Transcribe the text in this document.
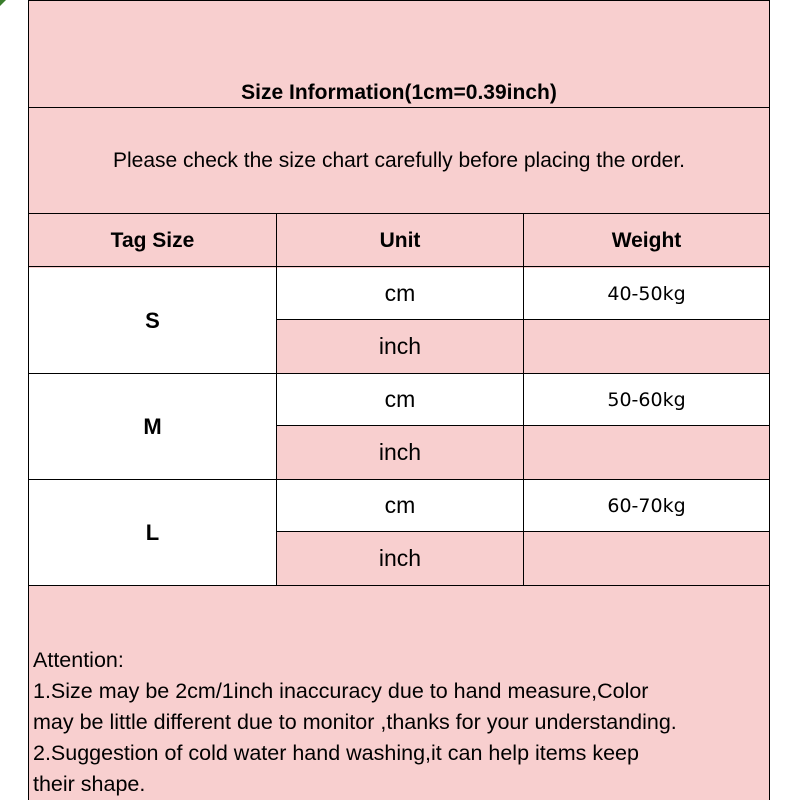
Size Information(1cm=0.39inch)
Please check the size chart carefully before placing the order.
Tag Size	Unit	Weight
S
cm
inch
40-50kg
M
cm
inch
50-60kg
L
cm
inch
60-70kg
Attention:
1.Size may be 2cm/1inch inaccuracy due to hand measure,Color
may be little different due to monitor ,thanks for your understanding.
2.Suggestion of cold water hand washing,it can help items keep
their shape.
